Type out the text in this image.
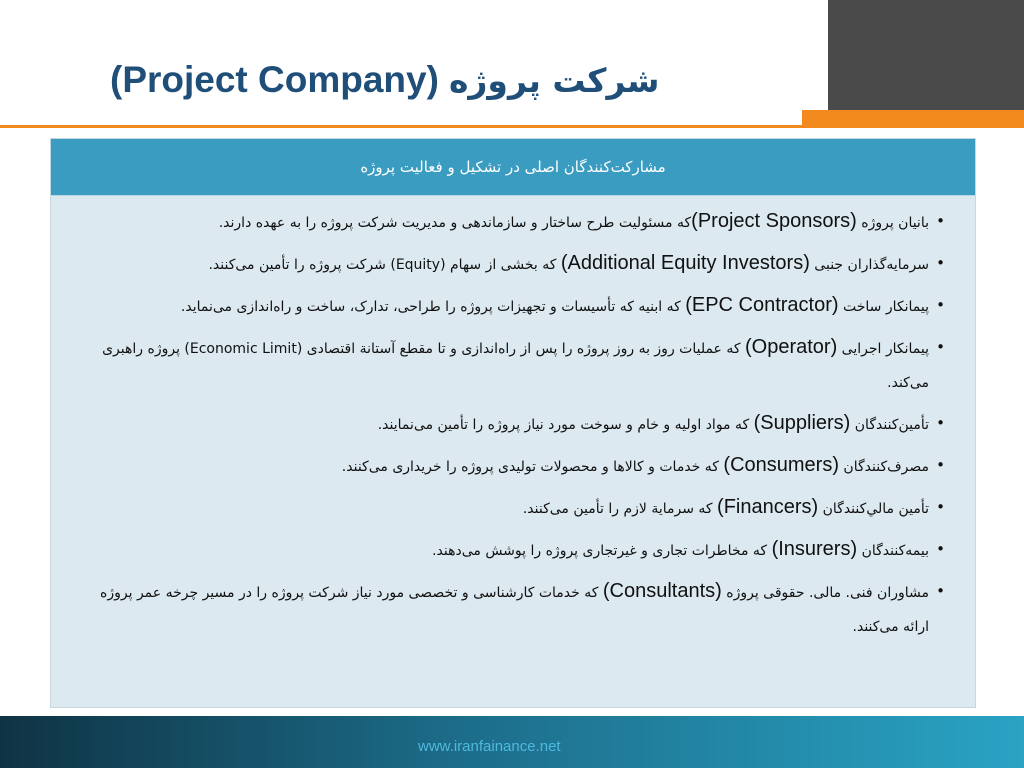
(Project Company) شرکت پروژه
مشارکت‌کنندگان اصلی در تشکیل و فعالیت پروژه
• بانیان پروژه (Project Sponsors)که مسئولیت طرح ساختار و سازماندهی و مدیریت شرکت پروژه را به عهده دارند.
• سرمایه‌گذاران جنبی (Additional Equity Investors) که بخشی از سهام (Equity) شرکت پروژه را تأمین می‌کنند.
• پیمانکار ساخت (EPC Contractor) که ابنیه که تأسیسات و تجهیزات پروژه را طراحی، تدارک، ساخت و راه‌اندازی می‌نماید.
• پیمانکار اجرایی (Operator) که عملیات روز به روز پروژه را پس از راه‌اندازی و تا مقطع آستانة اقتصادی (Economic Limit) پروژه راهبری می‌کند.
• تأمین‌کنندگان (Suppliers) که مواد اولیه و خام و سوخت مورد نیاز پروژه را تأمین می‌نمایند.
• مصرف‌کنندگان (Consumers) که خدمات و کالاها و محصولات تولیدی پروژه را خریداری می‌کنند.
• تأمین مالي‌کنندگان (Financers) که سرماية لازم را تأمین می‌کنند.
• بیمه‌کنندگان (Insurers) که مخاطرات تجاری و غیرتجاری پروژه را پوشش می‌دهند.
• مشاوران فنی. مالی. حقوقی پروژه (Consultants) که خدمات کارشناسی و تخصصی مورد نیاز شرکت پروژه را در مسیر چرخه عمر پروژه ارائه می‌کنند.
www.iranfainance.net
